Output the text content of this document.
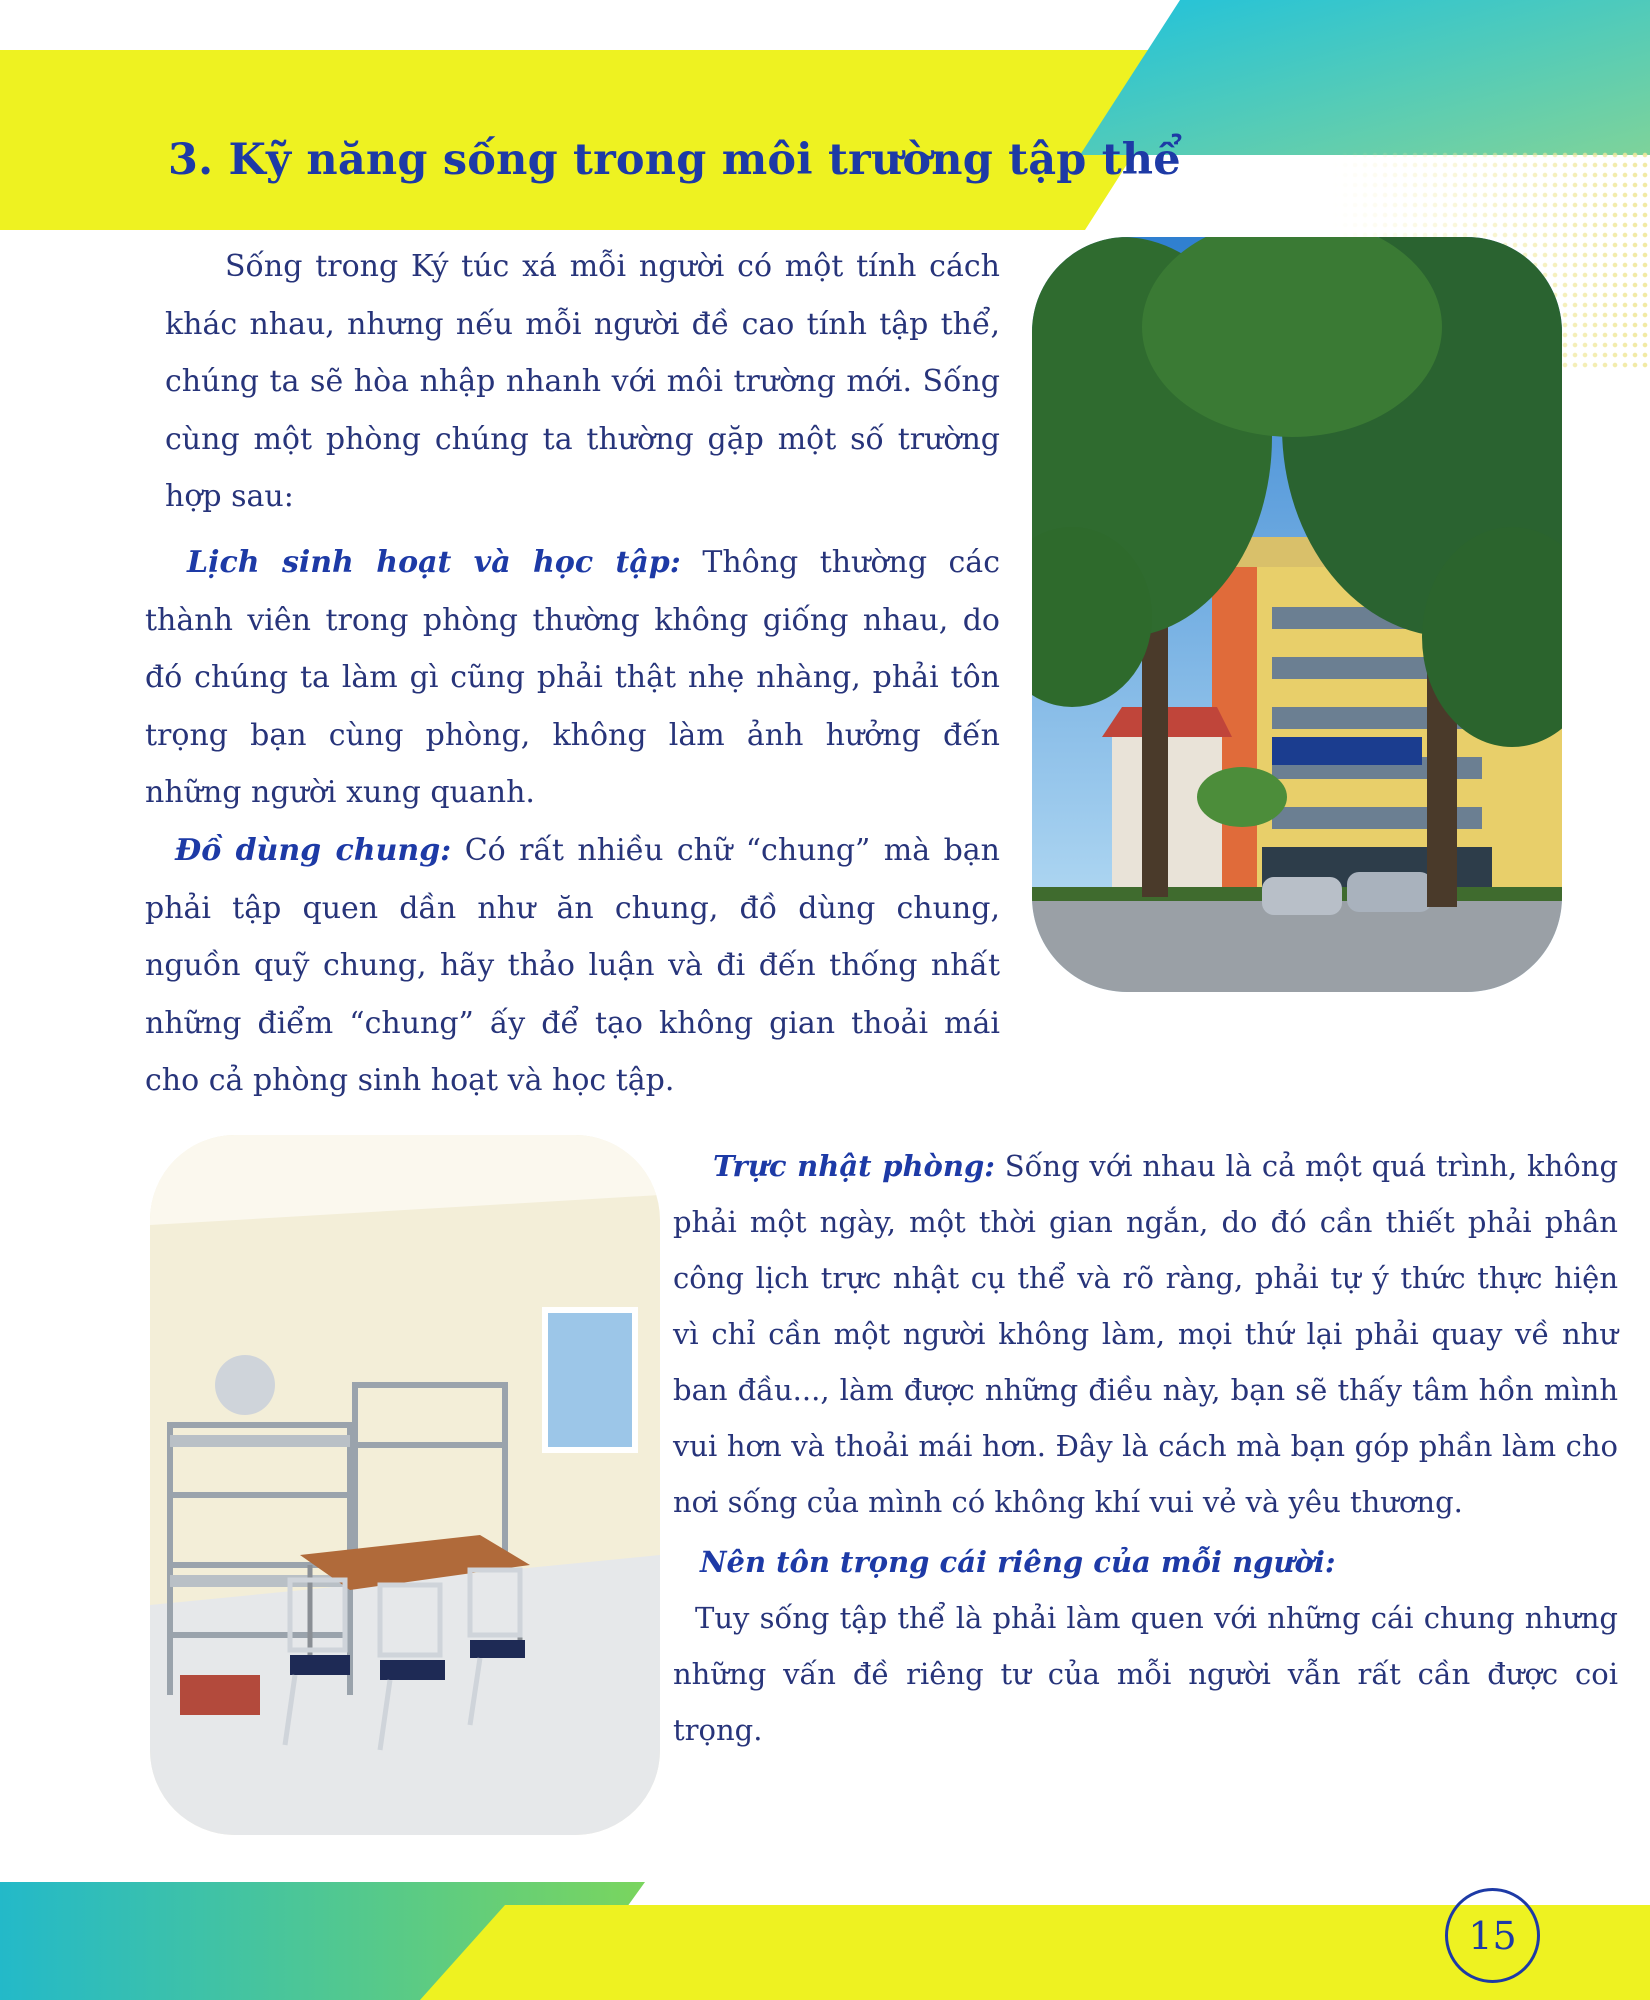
3. Kỹ năng sống trong môi trường tập thể
Sống trong Ký túc xá mỗi người có một tính cách khác nhau, nhưng nếu mỗi người đề cao tính tập thể, chúng ta sẽ hòa nhập nhanh với môi trường mới. Sống cùng một phòng chúng ta thường gặp một số trường hợp sau:
Lịch sinh hoạt và học tập: Thông thường các thành viên trong phòng thường không giống nhau, do đó chúng ta làm gì cũng phải thật nhẹ nhàng, phải tôn trọng bạn cùng phòng, không làm ảnh hưởng đến những người xung quanh.
Đồ dùng chung: Có rất nhiều chữ “chung” mà bạn phải tập quen dần như ăn chung, đồ dùng chung, nguồn quỹ chung, hãy thảo luận và đi đến thống nhất những điểm “chung” ấy để tạo không gian thoải mái cho cả phòng sinh hoạt và học tập.
Trực nhật phòng: Sống với nhau là cả một quá trình, không phải một ngày, một thời gian ngắn, do đó cần thiết phải phân công lịch trực nhật cụ thể và rõ ràng, phải tự ý thức thực hiện vì chỉ cần một người không làm, mọi thứ lại phải quay về như ban đầu..., làm được những điều này, bạn sẽ thấy tâm hồn mình vui hơn và thoải mái hơn. Đây là cách mà bạn góp phần làm cho nơi sống của mình có không khí vui vẻ và yêu thương.
Nên tôn trọng cái riêng của mỗi người:
Tuy sống tập thể là phải làm quen với những cái chung nhưng những vấn đề riêng tư của mỗi người vẫn rất cần được coi trọng.
15
